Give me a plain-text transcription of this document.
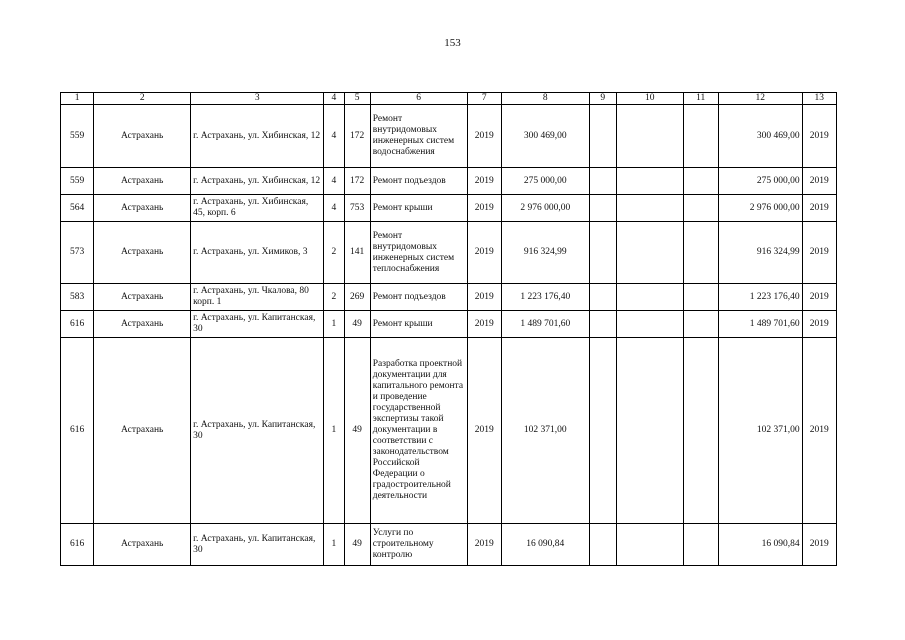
153
1	2	3	4	5	6	7	8	9	10	11	12	13
559	Астрахань	г. Астрахань, ул. Хибинская, 12	4	172	Ремонт внутридомовых инженерных систем водоснабжения	2019	300 469,00				300 469,00	2019
559	Астрахань	г. Астрахань, ул. Хибинская, 12	4	172	Ремонт подъездов	2019	275 000,00				275 000,00	2019
564	Астрахань	г. Астрахань, ул. Хибинская, 45, корп. 6	4	753	Ремонт крыши	2019	2 976 000,00				2 976 000,00	2019
573	Астрахань	г. Астрахань, ул. Химиков, 3	2	141	Ремонт внутридомовых инженерных систем теплоснабжения	2019	916 324,99				916 324,99	2019
583	Астрахань	г. Астрахань, ул. Чкалова, 80 корп. 1	2	269	Ремонт подъездов	2019	1 223 176,40				1 223 176,40	2019
616	Астрахань	г. Астрахань, ул. Капитанская, 30	1	49	Ремонт крыши	2019	1 489 701,60				1 489 701,60	2019
616	Астрахань	г. Астрахань, ул. Капитанская, 30	1	49	Разработка проектной документации для капитального ремонта и проведение государственной экспертизы такой документации в соответствии с законодательством Российской Федерации о градостроительной деятельности	2019	102 371,00				102 371,00	2019
616	Астрахань	г. Астрахань, ул. Капитанская, 30	1	49	Услуги по строительному контролю	2019	16 090,84				16 090,84	2019
